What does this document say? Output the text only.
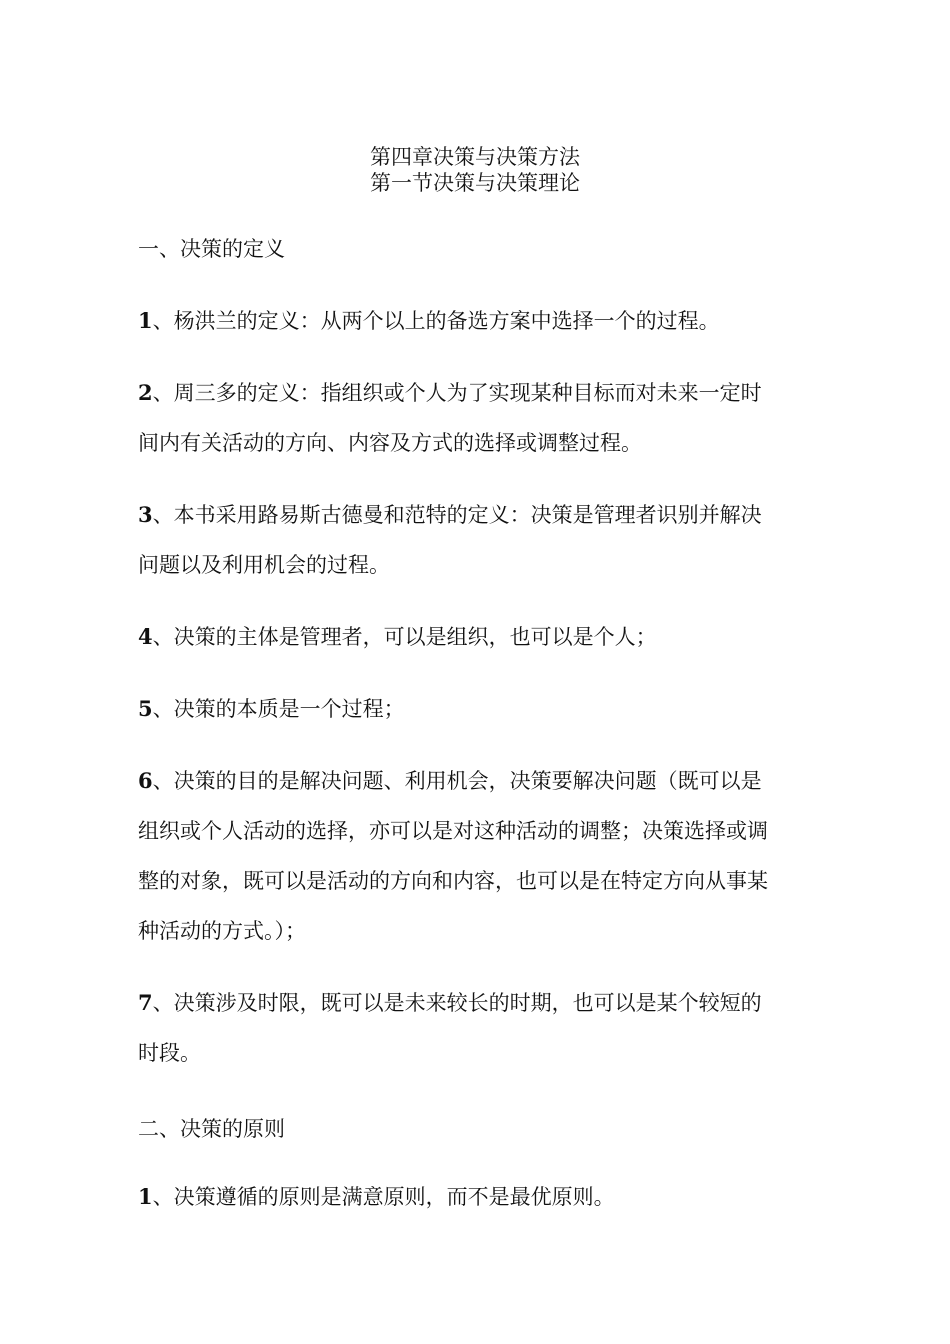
第四章决策与决策方法
第一节决策与决策理论
一、决策的定义
1、杨洪兰的定义：从两个以上的备选方案中选择一个的过程。
2、周三多的定义：指组织或个人为了实现某种目标而对未来一定时
间内有关活动的方向、内容及方式的选择或调整过程。
3、本书采用路易斯古德曼和范特的定义：决策是管理者识别并解决
问题以及利用机会的过程。
4、决策的主体是管理者，可以是组织，也可以是个人；
5、决策的本质是一个过程；
6、决策的目的是解决问题、利用机会，决策要解决问题（既可以是
组织或个人活动的选择，亦可以是对这种活动的调整；决策选择或调
整的对象，既可以是活动的方向和内容，也可以是在特定方向从事某
种活动的方式。）；
7、决策涉及时限，既可以是未来较长的时期，也可以是某个较短的
时段。
二、决策的原则
1、决策遵循的原则是满意原则，而不是最优原则。
